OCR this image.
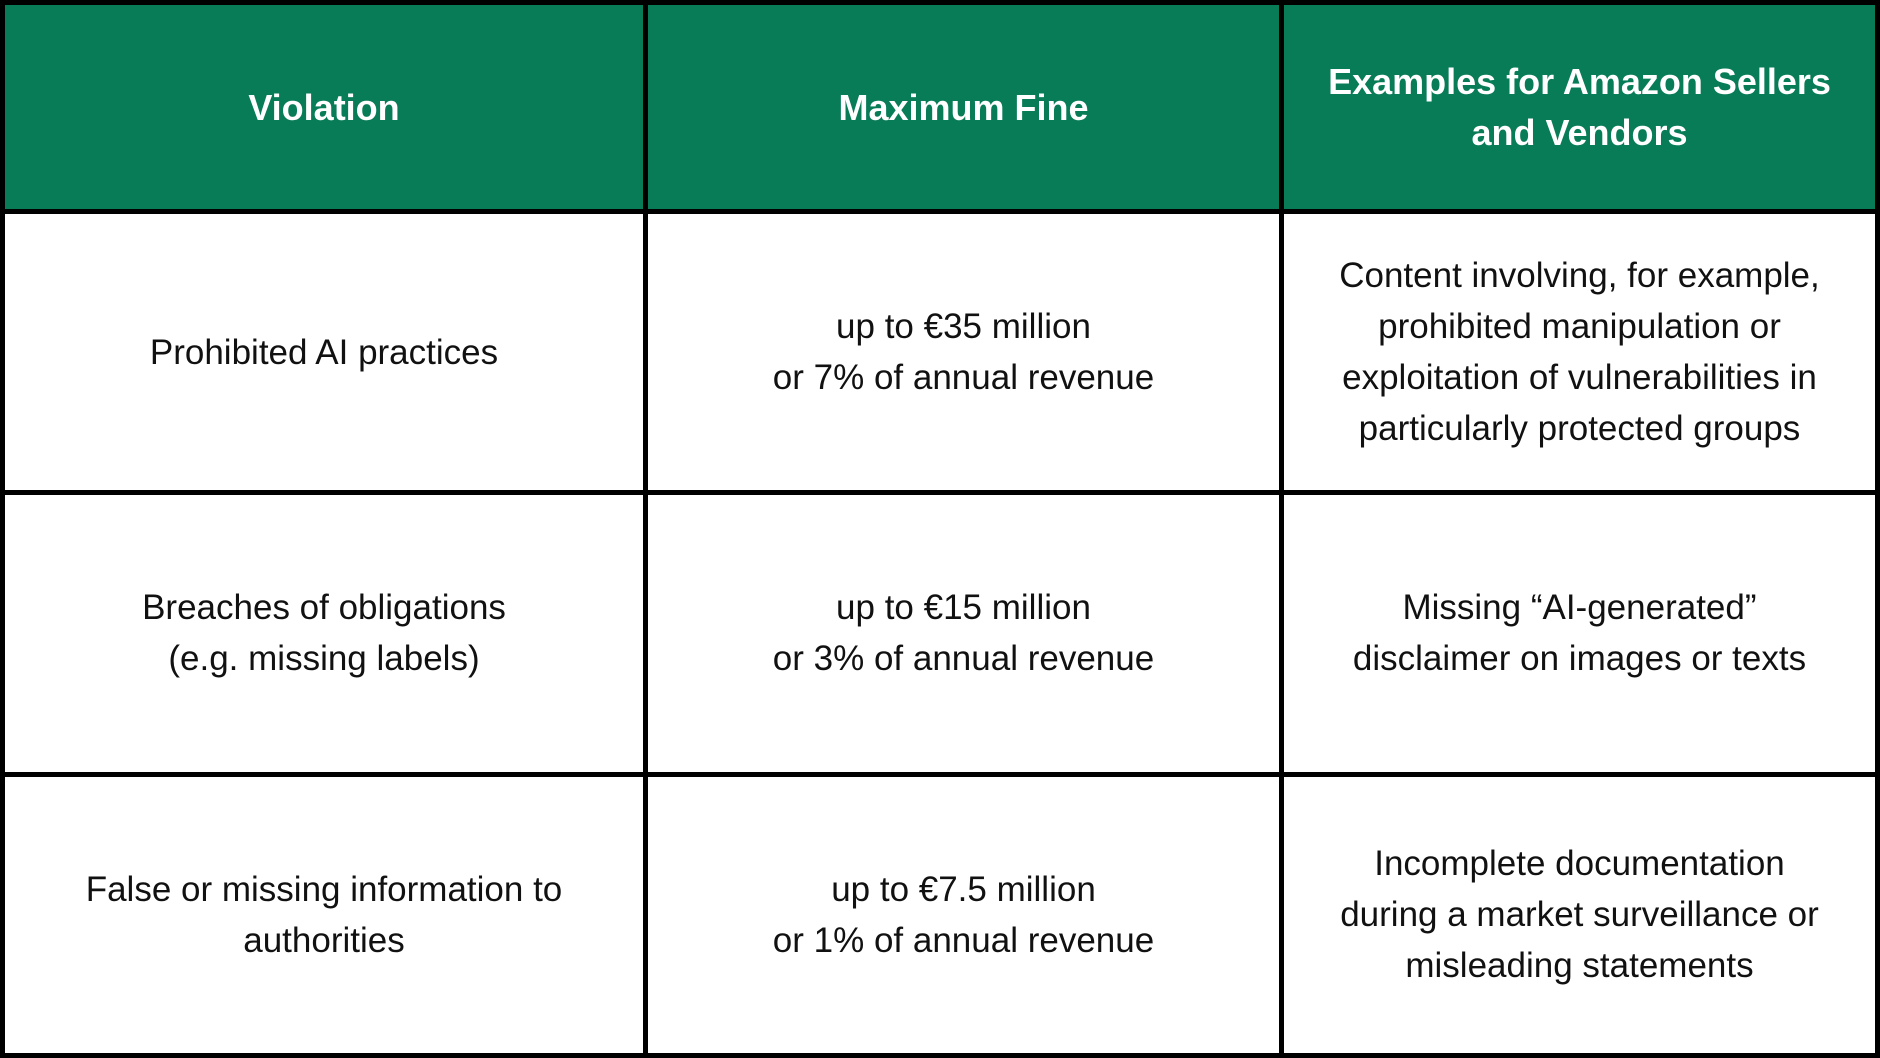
Violation	Maximum Fine
Examples for Amazon Sellers
and Vendors
Prohibited AI practices
up to €35 million
or 7% of annual revenue
Content involving, for example,
prohibited manipulation or
exploitation of vulnerabilities in
particularly protected groups
Breaches of obligations
(e.g. missing labels)
up to €15 million
or 3% of annual revenue
Missing “AI-generated”
disclaimer on images or texts
False or missing information to
authorities
up to €7.5 million
or 1% of annual revenue
Incomplete documentation
during a market surveillance or
misleading statements
